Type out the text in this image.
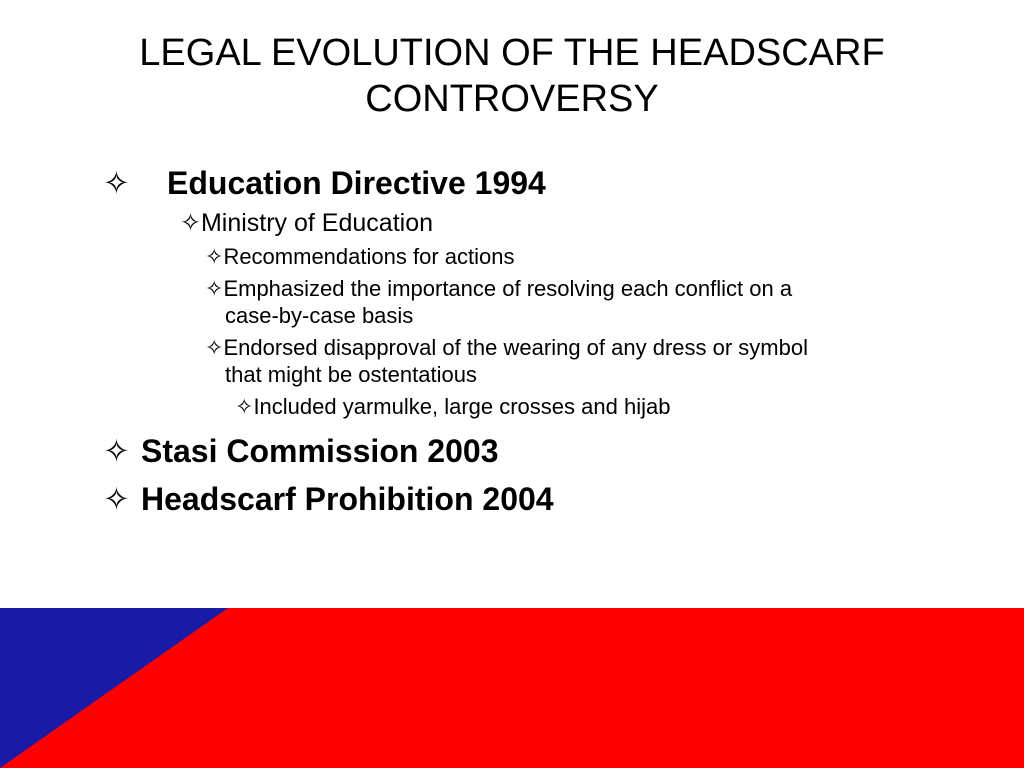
LEGAL EVOLUTION OF THE HEADSCARF
CONTROVERSY
✧	Education Directive 1994
✧ Ministry of Education
✧ Recommendations for actions
✧ Emphasized the importance of resolving each conflict on a
case-by-case basis
✧ Endorsed disapproval of the wearing of any dress or symbol
that might be ostentatious
✧ Included yarmulke, large crosses and hijab
✧ Stasi Commission 2003
✧ Headscarf Prohibition 2004
